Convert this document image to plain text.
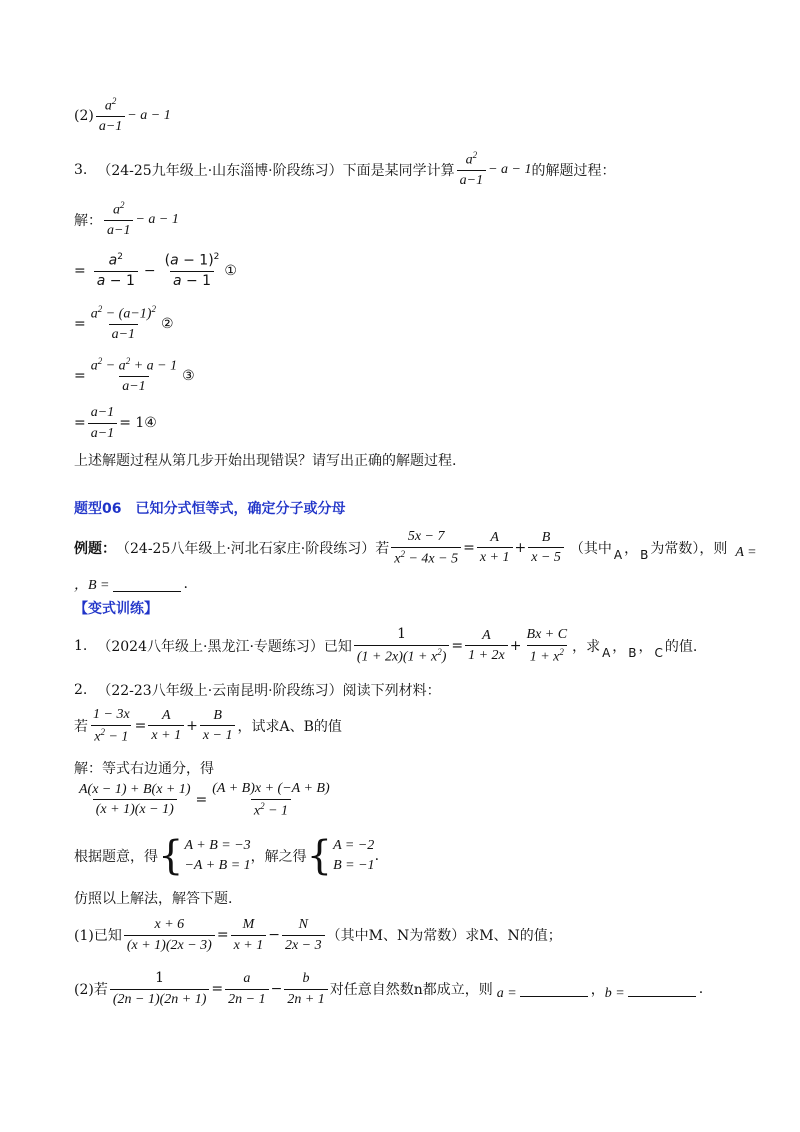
$(2) \frac{a^2}{a-1} - a - 1$
3. （24-25九年级上·山东淄博·阶段练习） 下面是某同学计算 $\frac{a^2}{a-1} - a - 1$ 的解题过程：
解： $\frac{a^2}{a-1} - a - 1$
= $\frac{a^2}{a - 1} - \frac{(a - 1)^2}{a - 1}$ ①
= $\frac{a^2 - (a-1)^2}{a-1}$ ②
= $\frac{a^2 - a^2 + a - 1}{a-1}$ ③
= $\frac{a-1}{a-1} = 1$ ④
上述解题过程从第几步开始出现错误？请写出正确的解题过程.
题型06　已知分式恒等式，确定分子或分母
例题： （24-25八年级上·河北石家庄·阶段练习） 若 $\frac{5x - 7}{x^2 - 4x - 5} = \frac{A}{x + 1} + \frac{B}{x - 5}$ （其中 A ， B 为常数），则 A =
，B =	.
【变式训练】
1. （2024八年级上·黑龙江·专题练习） 已知 $\frac{1}{(1 + 2x)(1 + x^2)} = \frac{A}{1 + 2x} + \frac{Bx + C}{1 + x^2}$ ，求 A ， B ， C 的值.
2. （22-23八年级上·云南昆明·阶段练习） 阅读下列材料：
若 $\frac{1 - 3x}{x^2 - 1} = \frac{A}{x + 1} + \frac{B}{x - 1}$ ，试求A、B的值
解：等式右边通分，得
$\frac{A(x - 1) + B(x + 1)}{(x + 1)(x - 1)} = \frac{(A + B)x + (-A + B)}{x^2 - 1}$
根据题意，得 { A + B = −3
−A + B = 1
，解之得 { A = −2
B = −1
.
仿照以上解法，解答下题.
(1)已知 $\frac{x + 6}{(x + 1)(2x - 3)} = \frac{M}{x + 1} - \frac{N}{2x - 3}$ （其中M、N为常数）求M、N的值；
(2)若 $\frac{1}{(2n - 1)(2n + 1)} = \frac{a}{2n - 1} - \frac{b}{2n + 1}$ 对任意自然数n都成立，则 a =	， b =	.
